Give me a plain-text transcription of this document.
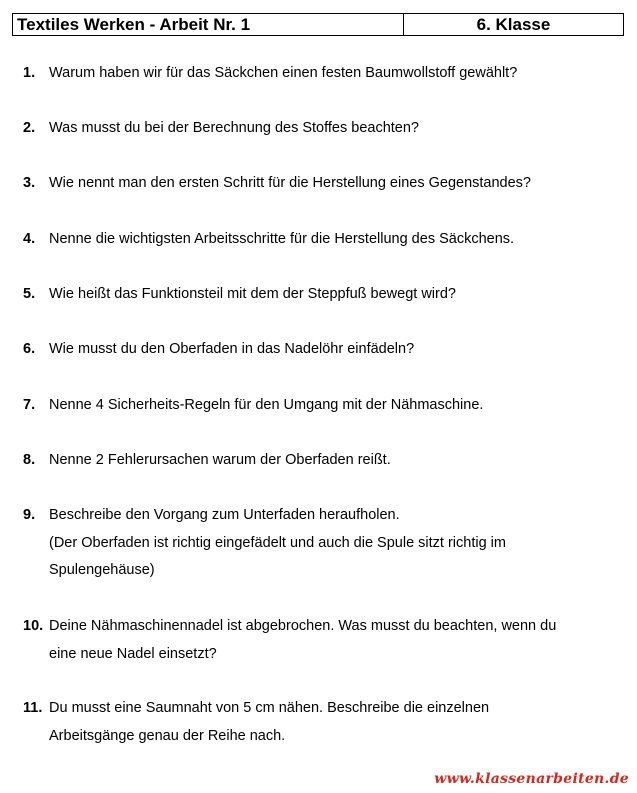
Textiles Werken - Arbeit Nr. 1	6. Klasse
1. Warum haben wir für das Säckchen einen festen Baumwollstoff gewählt?
2. Was musst du bei der Berechnung des Stoffes beachten?
3. Wie nennt man den ersten Schritt für die Herstellung eines Gegenstandes?
4. Nenne die wichtigsten Arbeitsschritte für die Herstellung des Säckchens.
5. Wie heißt das Funktionsteil mit dem der Steppfuß bewegt wird?
6. Wie musst du den Oberfaden in das Nadelöhr einfädeln?
7. Nenne 4 Sicherheits-Regeln für den Umgang mit der Nähmaschine.
8. Nenne 2 Fehlerursachen warum der Oberfaden reißt.
9. Beschreibe den Vorgang zum Unterfaden heraufholen.
(Der Oberfaden ist richtig eingefädelt und auch die Spule sitzt richtig im
Spulengehäuse)
10. Deine Nähmaschinennadel ist abgebrochen. Was musst du beachten, wenn du
eine neue Nadel einsetzt?
11. Du musst eine Saumnaht von 5 cm nähen. Beschreibe die einzelnen
Arbeitsgänge genau der Reihe nach.
www.klassenarbeiten.de
